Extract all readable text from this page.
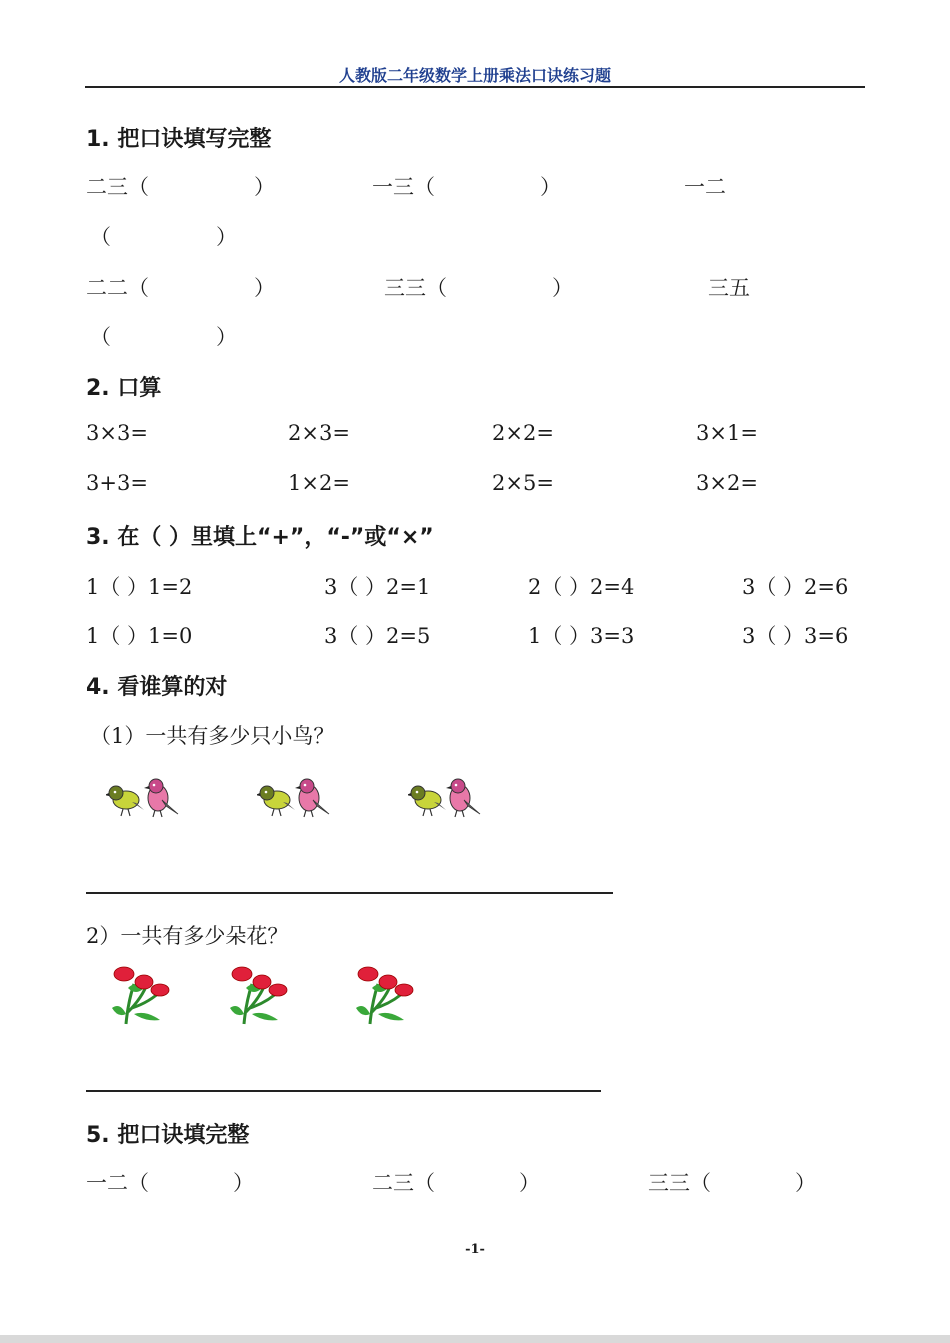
人教版二年级数学上册乘法口诀练习题
1. 把口诀填写完整
二三（　　　　　）	一三（　　　　　）	一二
（　　　　　）
二二（　　　　　）	三三（　　　　　）	三五
（　　　　　）
2. 口算
3×3=	2×3=	2×2=	3×1=
3+3=	1×2=	2×5=	3×2=
3. 在（ ）里填上“+”，“-”或“×”
1（ ）1=2	3（ ）2=1	2（ ）2=4	3（ ）2=6
1（ ）1=0	3（ ）2=5	1（ ）3=3	3（ ）3=6
4. 看谁算的对
（1）一共有多少只小鸟？
2）一共有多少朵花？
5. 把口诀填完整
一二（　　　　）	二三（　　　　）	三三（　　　　）
-1-
